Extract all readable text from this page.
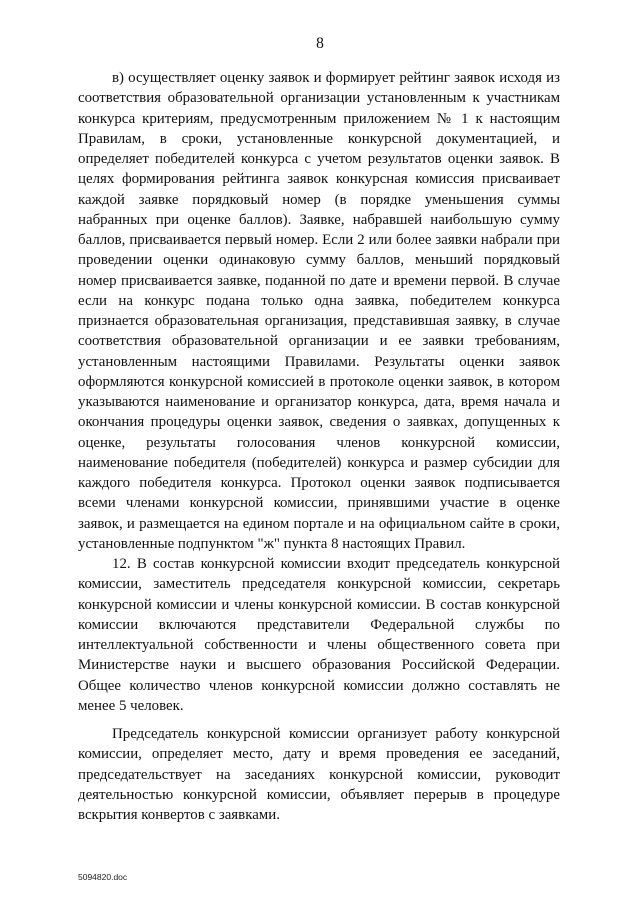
8

в) осуществляет оценку заявок и формирует рейтинг заявок исходя из соответствия образовательной организации установленным к участникам конкурса критериям, предусмотренным приложением № 1 к настоящим Правилам, в сроки, установленные конкурсной документацией, и определяет победителей конкурса с учетом результатов оценки заявок. В целях формирования рейтинга заявок конкурсная комиссия присваивает каждой заявке порядковый номер (в порядке уменьшения суммы набранных при оценке баллов). Заявке, набравшей наибольшую сумму баллов, присваивается первый номер. Если 2 или более заявки набрали при проведении оценки одинаковую сумму баллов, меньший порядковый номер присваивается заявке, поданной по дате и времени первой. В случае если на конкурс подана только одна заявка, победителем конкурса признается образовательная организация, представившая заявку, в случае соответствия образовательной организации и ее заявки требованиям, установленным настоящими Правилами. Результаты оценки заявок оформляются конкурсной комиссией в протоколе оценки заявок, в котором указываются наименование и организатор конкурса, дата, время начала и окончания процедуры оценки заявок, сведения о заявках, допущенных к оценке, результаты голосования членов конкурсной комиссии, наименование победителя (победителей) конкурса и размер субсидии для каждого победителя конкурса. Протокол оценки заявок подписывается всеми членами конкурсной комиссии, принявшими участие в оценке заявок, и размещается на едином портале и на официальном сайте в сроки, установленные подпунктом "ж" пункта 8 настоящих Правил.

12. В состав конкурсной комиссии входит председатель конкурсной комиссии, заместитель председателя конкурсной комиссии, секретарь конкурсной комиссии и члены конкурсной комиссии. В состав конкурсной комиссии включаются представители Федеральной службы по интеллектуальной собственности и члены общественного совета при Министерстве науки и высшего образования Российской Федерации. Общее количество членов конкурсной комиссии должно составлять не менее 5 человек.

Председатель конкурсной комиссии организует работу конкурсной комиссии, определяет место, дату и время проведения ее заседаний, председательствует на заседаниях конкурсной комиссии, руководит деятельностью конкурсной комиссии, объявляет перерыв в процедуре вскрытия конвертов с заявками.

5094820.doc
